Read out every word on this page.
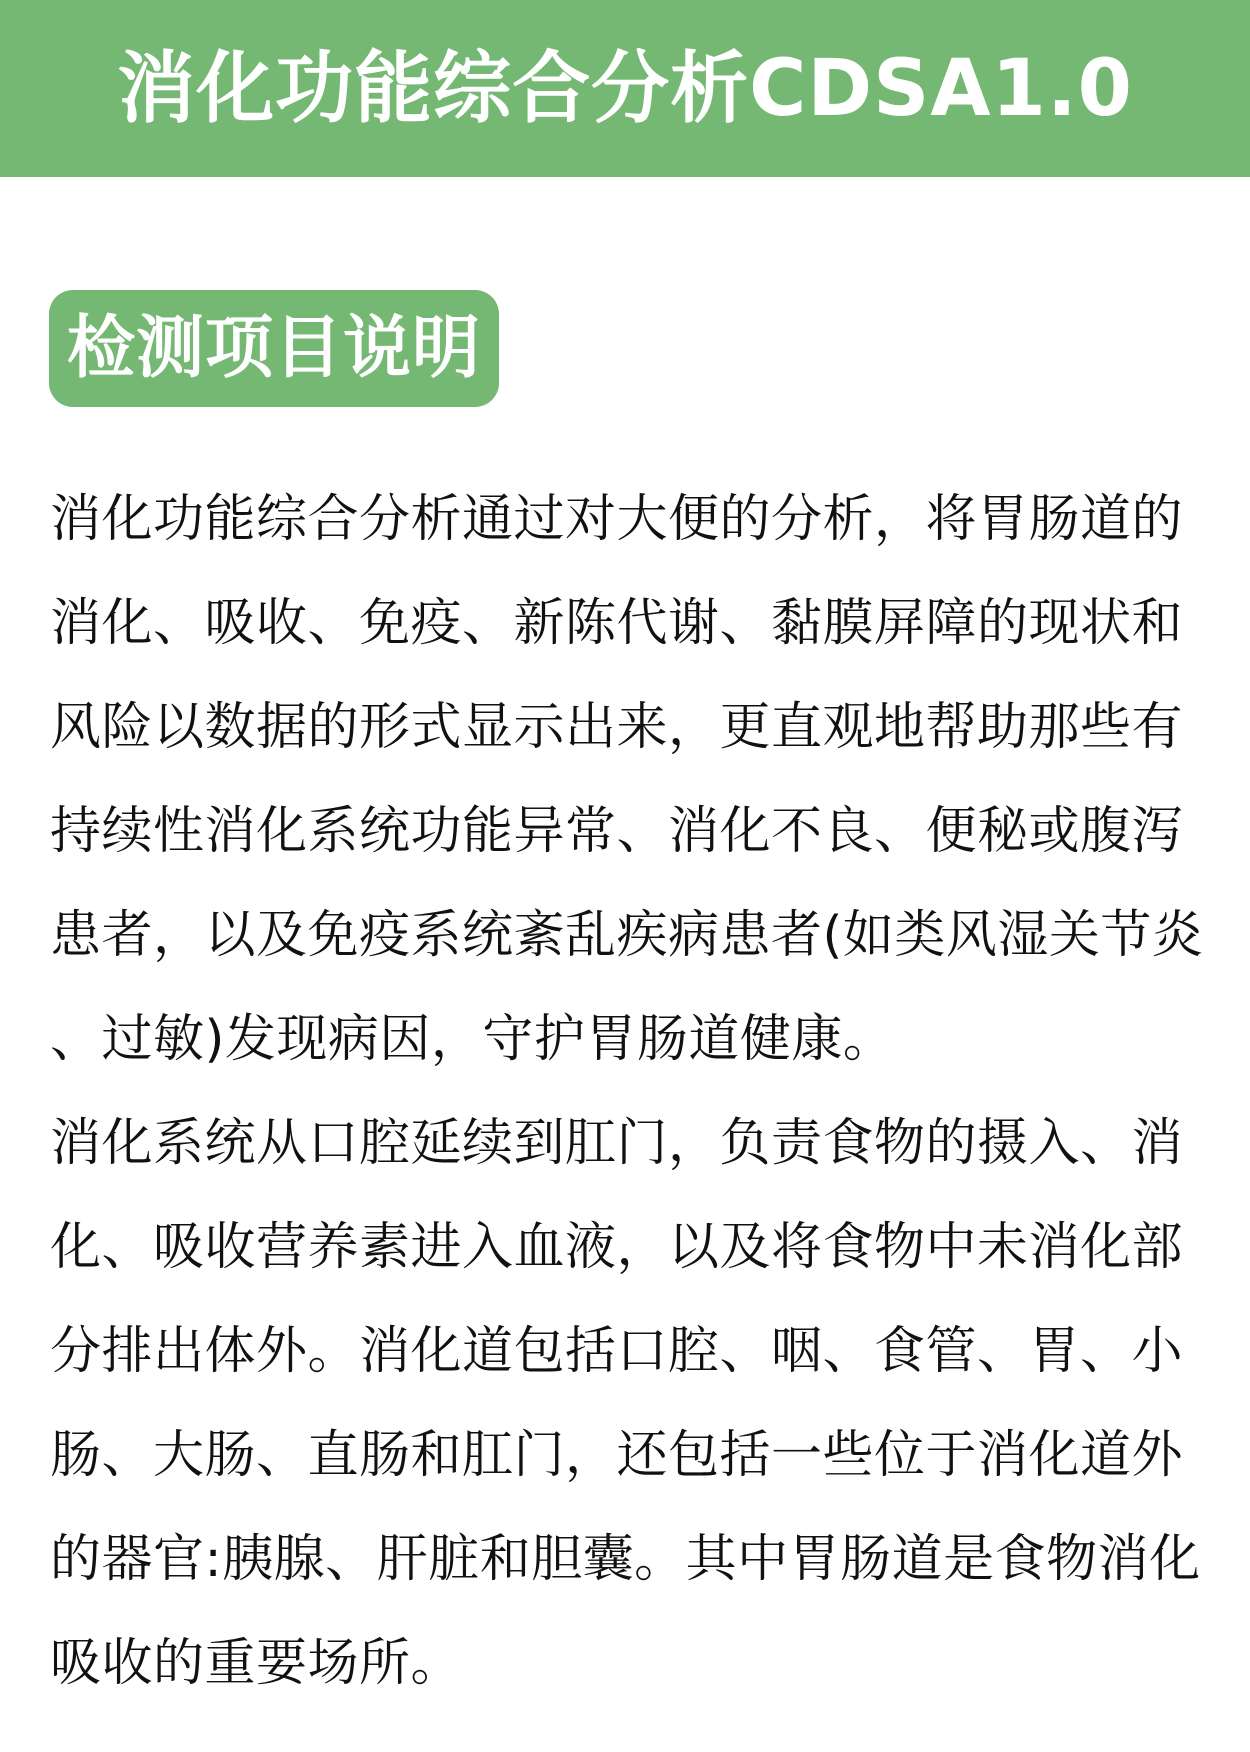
消化功能综合分析CDSA1.0
检测项目说明

消化功能综合分析通过对大便的分析，将胃肠道的
消化、吸收、免疫、新陈代谢、黏膜屏障的现状和
风险以数据的形式显示出来，更直观地帮助那些有
持续性消化系统功能异常、消化不良、便秘或腹泻
患者，以及免疫系统紊乱疾病患者(如类风湿关节炎
、过敏)发现病因，守护胃肠道健康。

消化系统从口腔延续到肛门，负责食物的摄入、消
化、吸收营养素进入血液，以及将食物中未消化部
分排出体外。消化道包括口腔、咽、食管、胃、小
肠、大肠、直肠和肛门，还包括一些位于消化道外
的器官:胰腺、肝脏和胆囊。其中胃肠道是食物消化
吸收的重要场所。
